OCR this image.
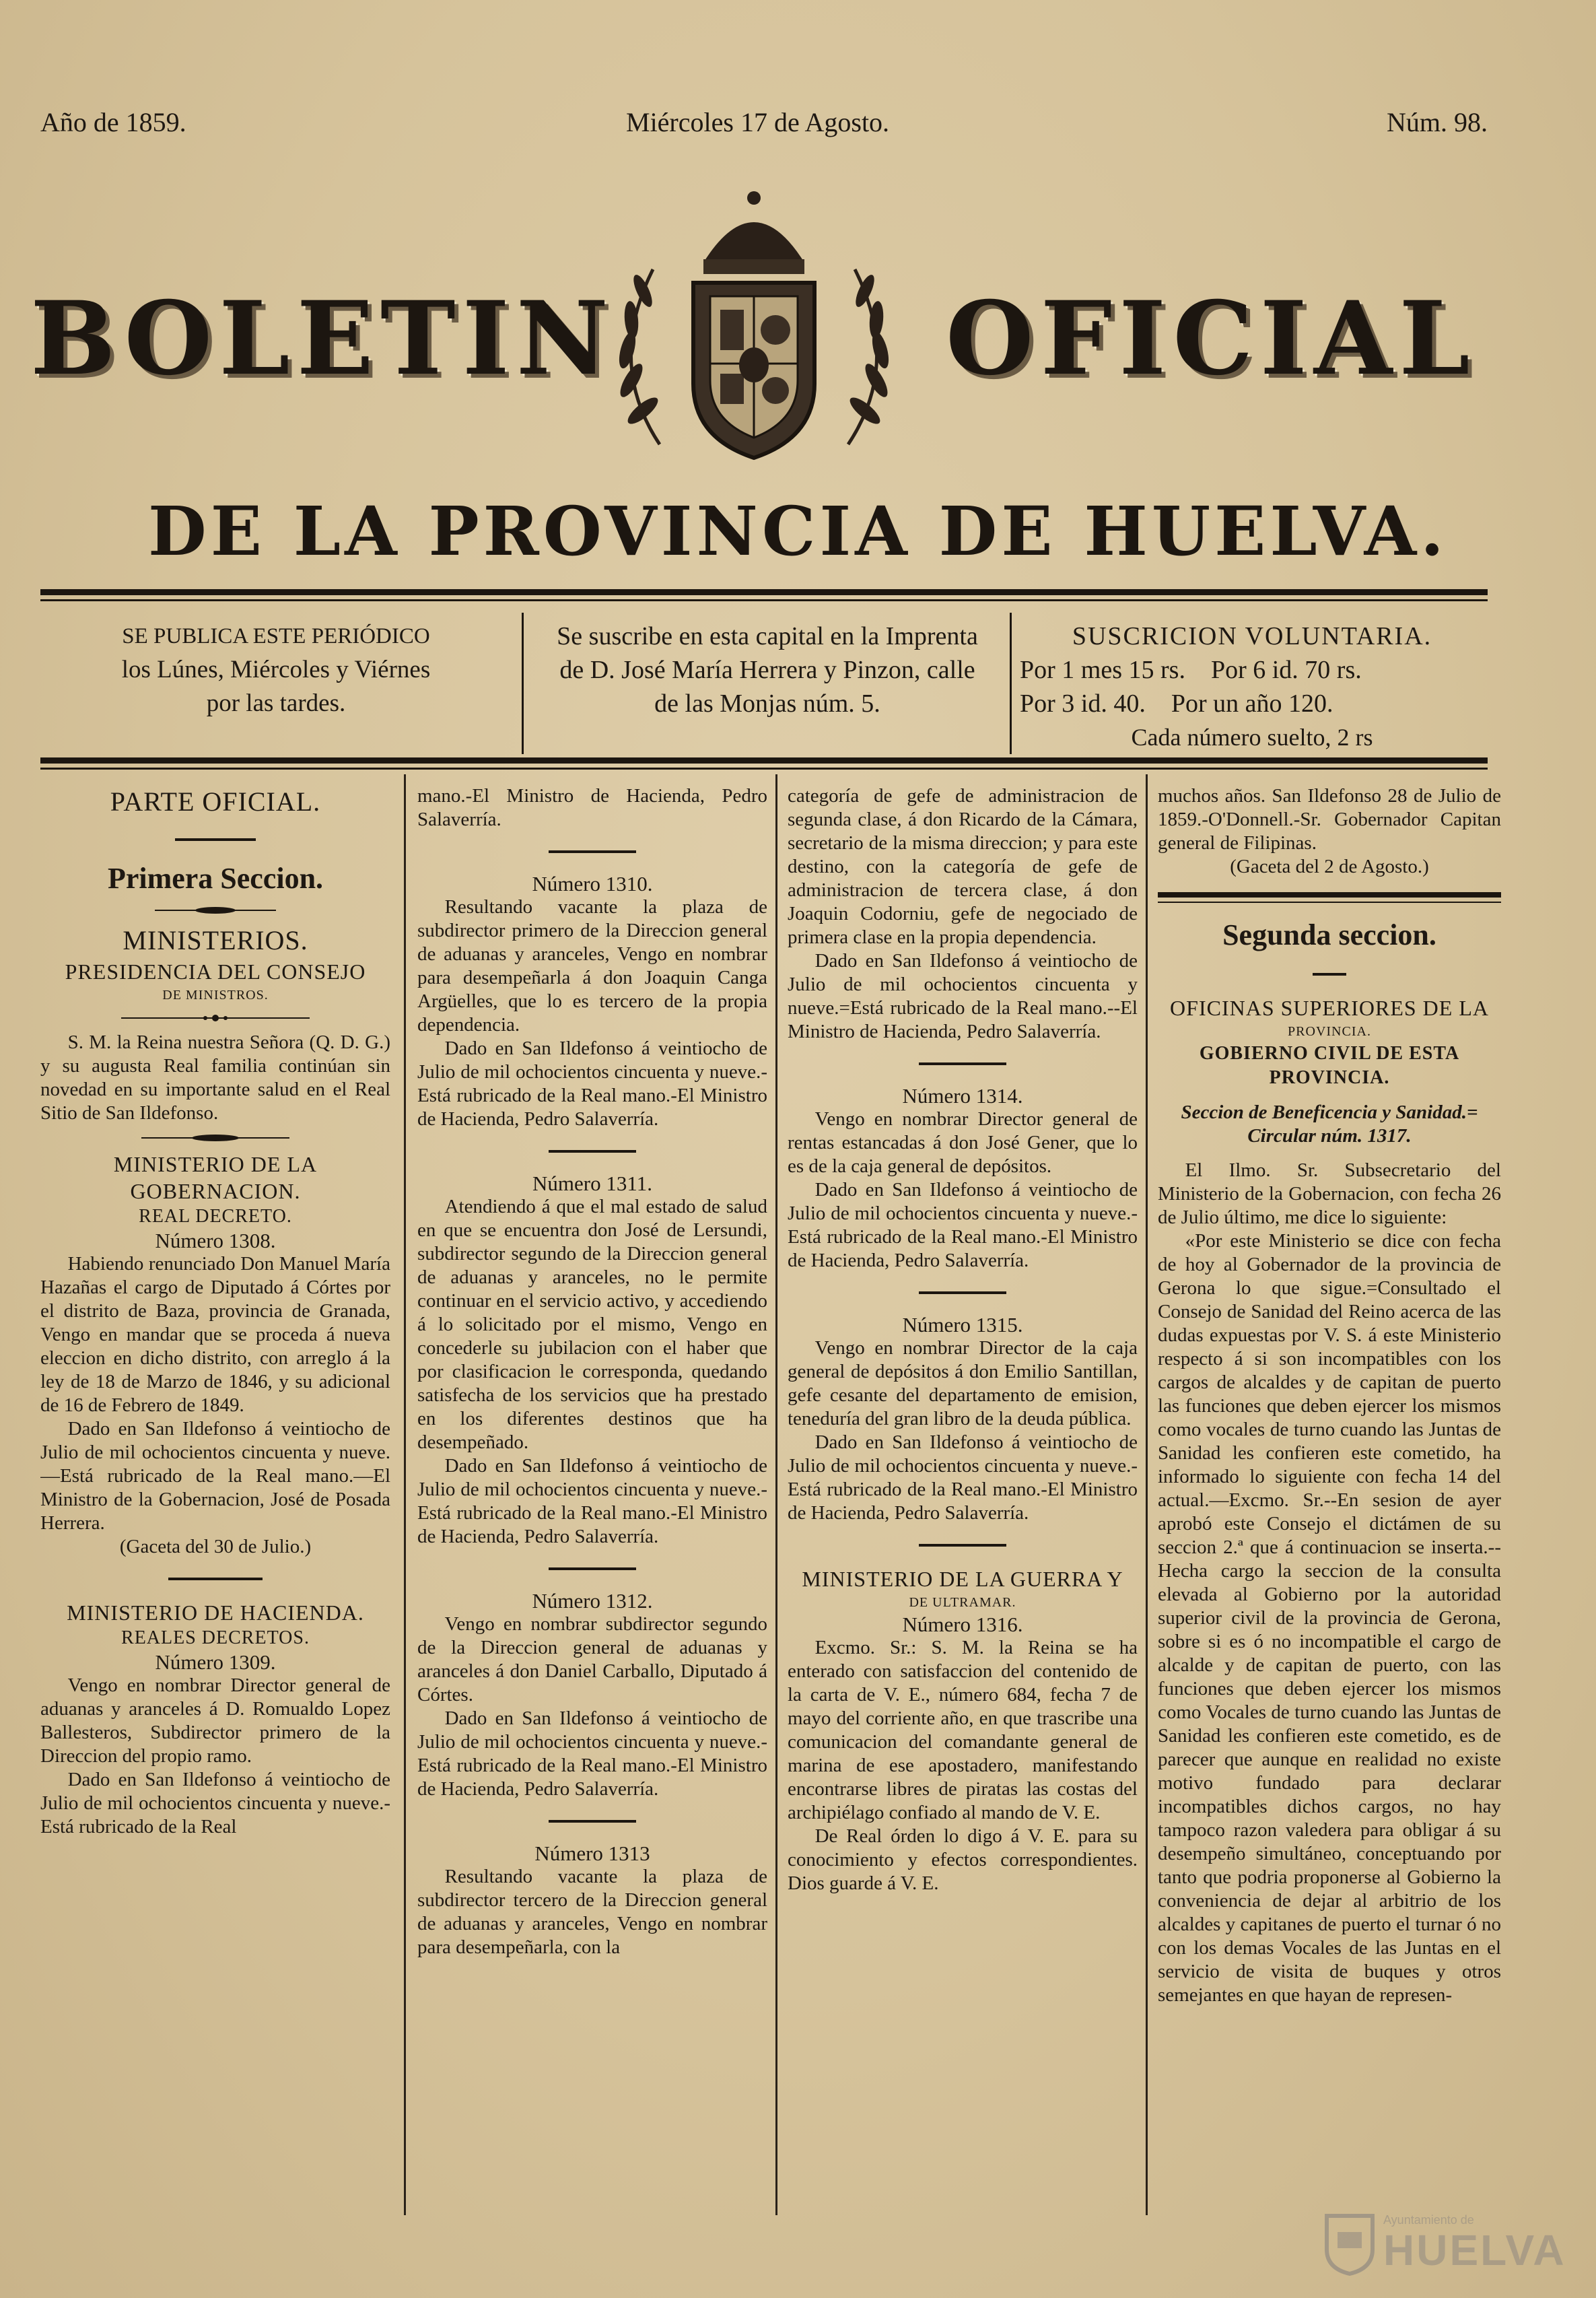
Año de 1859.	Miércoles 17 de Agosto.	Núm. 98.
BOLETIN	OFICIAL
DE LA PROVINCIA DE HUELVA.

SE PUBLICA ESTE PERIÓDICO

los Lúnes, Miércoles y Viérnes

por las tardes.

Se suscribe en esta capital en la Imprenta

de D. José María Herrera y Pinzon, calle

de las Monjas núm. 5.

SUSCRICION VOLUNTARIA.

Por 1 mes 15 rs.    Por 6 id. 70 rs.

Por 3 id. 40.    Por un año 120.

Cada número suelto, 2 rs

PARTE OFICIAL.

Primera Seccion.

MINISTERIOS.

PRESIDENCIA DEL CONSEJO

DE MINISTROS.

S. M. la Reina nuestra Señora (Q. D. G.) y su augusta Real familia continúan sin novedad en su importante salud en el Real Sitio de San Ildefonso.

MINISTERIO DE LA GOBERNACION.

REAL DECRETO.

Número 1308.

Habiendo renunciado Don Manuel María Hazañas el cargo de Diputado á Córtes por el distrito de Baza, provincia de Granada, Vengo en mandar que se proceda á nueva eleccion en dicho distrito, con arreglo á la ley de 18 de Marzo de 1846, y su adicional de 16 de Febrero de 1849.

Dado en San Ildefonso á veintiocho de Julio de mil ochocientos cincuenta y nueve.—Está rubricado de la Real mano.—El Ministro de la Gobernacion, José de Posada Herrera.

(Gaceta del 30 de Julio.)

MINISTERIO DE HACIENDA.

REALES DECRETOS.

Número 1309.

Vengo en nombrar Director general de aduanas y aranceles á D. Romualdo Lopez Ballesteros, Subdirector primero de la Direccion del propio ramo.

Dado en San Ildefonso á veintiocho de Julio de mil ochocientos cincuenta y nueve.-Está rubricado de la Real

mano.-El Ministro de Hacienda, Pedro Salaverría.

Número 1310.

Resultando vacante la plaza de subdirector primero de la Direccion general de aduanas y aranceles, Vengo en nombrar para desempeñarla á don Joaquin Canga Argüelles, que lo es tercero de la propia dependencia.

Dado en San Ildefonso á veintiocho de Julio de mil ochocientos cincuenta y nueve.-Está rubricado de la Real mano.-El Ministro de Hacienda, Pedro Salaverría.

Número 1311.

Atendiendo á que el mal estado de salud en que se encuentra don José de Lersundi, subdirector segundo de la Direccion general de aduanas y aranceles, no le permite continuar en el servicio activo, y accediendo á lo solicitado por el mismo, Vengo en concederle su jubilacion con el haber que por clasificacion le corresponda, quedando satisfecha de los servicios que ha prestado en los diferentes destinos que ha desempeñado.

Dado en San Ildefonso á veintiocho de Julio de mil ochocientos cincuenta y nueve.-Está rubricado de la Real mano.-El Ministro de Hacienda, Pedro Salaverría.

Número 1312.

Vengo en nombrar subdirector segundo de la Direccion general de aduanas y aranceles á don Daniel Carballo, Diputado á Córtes.

Dado en San Ildefonso á veintiocho de Julio de mil ochocientos cincuenta y nueve.-Está rubricado de la Real mano.-El Ministro de Hacienda, Pedro Salaverría.

Número 1313

Resultando vacante la plaza de subdirector tercero de la Direccion general de aduanas y aranceles, Vengo en nombrar para desempeñarla, con la

categoría de gefe de administracion de segunda clase, á don Ricardo de la Cámara, secretario de la misma direccion; y para este destino, con la categoría de gefe de administracion de tercera clase, á don Joaquin Codorniu, gefe de negociado de primera clase en la propia dependencia.

Dado en San Ildefonso á veintiocho de Julio de mil ochocientos cincuenta y nueve.=Está rubricado de la Real mano.--El Ministro de Hacienda, Pedro Salaverría.

Número 1314.

Vengo en nombrar Director general de rentas estancadas á don José Gener, que lo es de la caja general de depósitos.

Dado en San Ildefonso á veintiocho de Julio de mil ochocientos cincuenta y nueve.-Está rubricado de la Real mano.-El Ministro de Hacienda, Pedro Salaverría.

Número 1315.

Vengo en nombrar Director de la caja general de depósitos á don Emilio Santillan, gefe cesante del departamento de emision, teneduría del gran libro de la deuda pública.

Dado en San Ildefonso á veintiocho de Julio de mil ochocientos cincuenta y nueve.-Está rubricado de la Real mano.-El Ministro de Hacienda, Pedro Salaverría.

MINISTERIO DE LA GUERRA Y

DE ULTRAMAR.

Número 1316.

Excmo. Sr.: S. M. la Reina se ha enterado con satisfaccion del contenido de la carta de V. E., número 684, fecha 7 de mayo del corriente año, en que trascribe una comunicacion del comandante general de marina de ese apostadero, manifestando encontrarse libres de piratas las costas del archipiélago confiado al mando de V. E.

De Real órden lo digo á V. E. para su conocimiento y efectos correspondientes. Dios guarde á V. E.

muchos años. San Ildefonso 28 de Julio de 1859.-O'Donnell.-Sr. Gobernador Capitan general de Filipinas.

(Gaceta del 2 de Agosto.)

Segunda seccion.

OFICINAS SUPERIORES DE LA

PROVINCIA.

GOBIERNO CIVIL DE ESTA PROVINCIA.

Seccion de Beneficencia y Sanidad.= Circular núm. 1317.

El Ilmo. Sr. Subsecretario del Ministerio de la Gobernacion, con fecha 26 de Julio último, me dice lo siguiente:

«Por este Ministerio se dice con fecha de hoy al Gobernador de la provincia de Gerona lo que sigue.=Consultado el Consejo de Sanidad del Reino acerca de las dudas expuestas por V. S. á este Ministerio respecto á si son incompatibles con los cargos de alcaldes y de capitan de puerto las funciones que deben ejercer los mismos como vocales de turno cuando las Juntas de Sanidad les confieren este cometido, ha informado lo siguiente con fecha 14 del actual.—Excmo. Sr.--En sesion de ayer aprobó este Consejo el dictámen de su seccion 2.ª que á continuacion se inserta.--Hecha cargo la seccion de la consulta elevada al Gobierno por la autoridad superior civil de la provincia de Gerona, sobre si es ó no incompatible el cargo de alcalde y de capitan de puerto, con las funciones que deben ejercer los mismos como Vocales de turno cuando las Juntas de Sanidad les confieren este cometido, es de parecer que aunque en realidad no existe motivo fundado para declarar incompatibles dichos cargos, no hay tampoco razon valedera para obligar á su desempeño simultáneo, conceptuando por tanto que podria proponerse al Gobierno la conveniencia de dejar al arbitrio de los alcaldes y capitanes de puerto el turnar ó no con los demas Vocales de las Juntas en el servicio de visita de buques y otros semejantes en que hayan de represen-

Ayuntamiento de
HUELVA
